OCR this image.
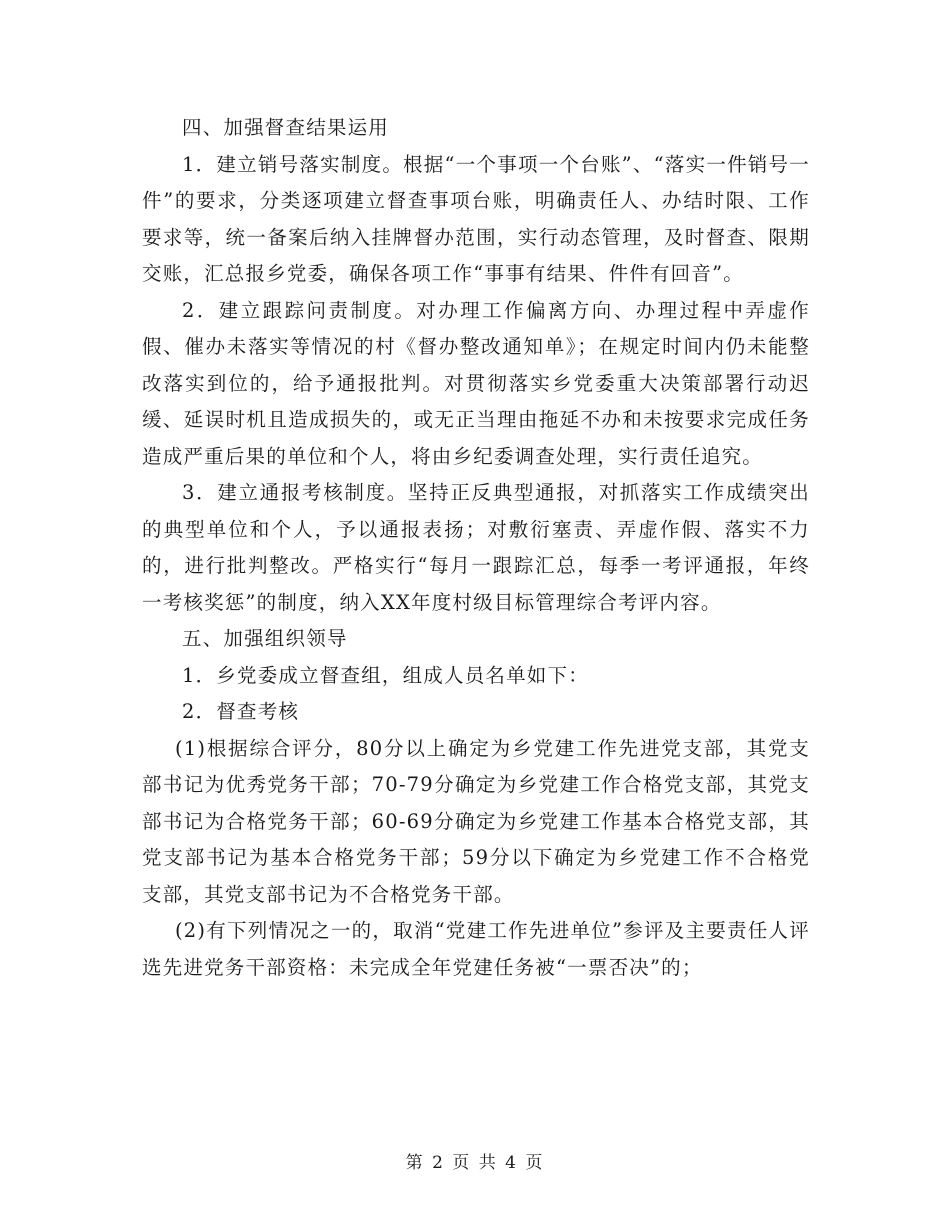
四、加强督查结果运用

1．建立销号落实制度。根据“一个事项一个台账”、“落实一件销号一件”的要求，分类逐项建立督查事项台账，明确责任人、办结时限、工作要求等，统一备案后纳入挂牌督办范围，实行动态管理，及时督查、限期交账，汇总报乡党委，确保各项工作“事事有结果、件件有回音”。

2．建立跟踪问责制度。对办理工作偏离方向、办理过程中弄虚作假、催办未落实等情况的村《督办整改通知单》；在规定时间内仍未能整改落实到位的，给予通报批判。对贯彻落实乡党委重大决策部署行动迟缓、延误时机且造成损失的，或无正当理由拖延不办和未按要求完成任务造成严重后果的单位和个人，将由乡纪委调查处理，实行责任追究。

3．建立通报考核制度。坚持正反典型通报，对抓落实工作成绩突出的典型单位和个人，予以通报表扬；对敷衍塞责、弄虚作假、落实不力的，进行批判整改。严格实行“每月一跟踪汇总，每季一考评通报，年终一考核奖惩”的制度，纳入XX年度村级目标管理综合考评内容。

五、加强组织领导

1．乡党委成立督查组，组成人员名单如下：

2．督查考核

(1)根据综合评分，80分以上确定为乡党建工作先进党支部，其党支部书记为优秀党务干部；70-79分确定为乡党建工作合格党支部，其党支部书记为合格党务干部；60-69分确定为乡党建工作基本合格党支部，其党支部书记为基本合格党务干部；59分以下确定为乡党建工作不合格党支部，其党支部书记为不合格党务干部。

(2)有下列情况之一的，取消“党建工作先进单位”参评及主要责任人评选先进党务干部资格：未完成全年党建任务被“一票否决”的；

第 2 页 共 4 页
